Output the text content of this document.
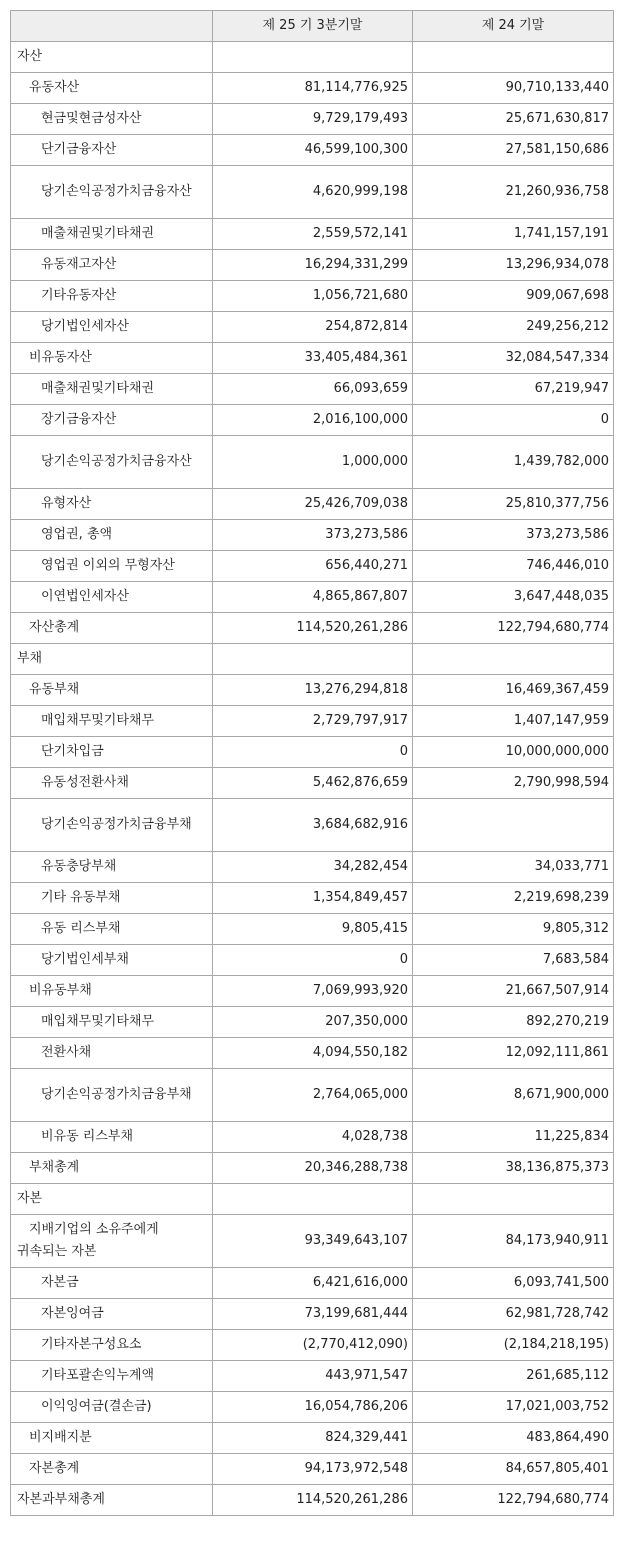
	제 25 기 3분기말	제 24 기말
자산		
유동자산	81,114,776,925	90,710,133,440
현금및현금성자산	9,729,179,493	25,671,630,817
단기금융자산	46,599,100,300	27,581,150,686
당기손익공정가치금융자산	4,620,999,198	21,260,936,758
매출채권및기타채권	2,559,572,141	1,741,157,191
유동재고자산	16,294,331,299	13,296,934,078
기타유동자산	1,056,721,680	909,067,698
당기법인세자산	254,872,814	249,256,212
비유동자산	33,405,484,361	32,084,547,334
매출채권및기타채권	66,093,659	67,219,947
장기금융자산	2,016,100,000	0
당기손익공정가치금융자산	1,000,000	1,439,782,000
유형자산	25,426,709,038	25,810,377,756
영업권, 총액	373,273,586	373,273,586
영업권 이외의 무형자산	656,440,271	746,446,010
이연법인세자산	4,865,867,807	3,647,448,035
자산총계	114,520,261,286	122,794,680,774
부채		
유동부채	13,276,294,818	16,469,367,459
매입채무및기타채무	2,729,797,917	1,407,147,959
단기차입금	0	10,000,000,000
유동성전환사채	5,462,876,659	2,790,998,594
당기손익공정가치금융부채	3,684,682,916	
유동충당부채	34,282,454	34,033,771
기타 유동부채	1,354,849,457	2,219,698,239
유동 리스부채	9,805,415	9,805,312
당기법인세부채	0	7,683,584
비유동부채	7,069,993,920	21,667,507,914
매입채무및기타채무	207,350,000	892,270,219
전환사채	4,094,550,182	12,092,111,861
당기손익공정가치금융부채	2,764,065,000	8,671,900,000
비유동 리스부채	4,028,738	11,225,834
부채총계	20,346,288,738	38,136,875,373
자본		
지배기업의 소유주에게 귀속되는 자본	93,349,643,107	84,173,940,911
자본금	6,421,616,000	6,093,741,500
자본잉여금	73,199,681,444	62,981,728,742
기타자본구성요소	(2,770,412,090)	(2,184,218,195)
기타포괄손익누계액	443,971,547	261,685,112
이익잉여금(결손금)	16,054,786,206	17,021,003,752
비지배지분	824,329,441	483,864,490
자본총계	94,173,972,548	84,657,805,401
자본과부채총계	114,520,261,286	122,794,680,774
